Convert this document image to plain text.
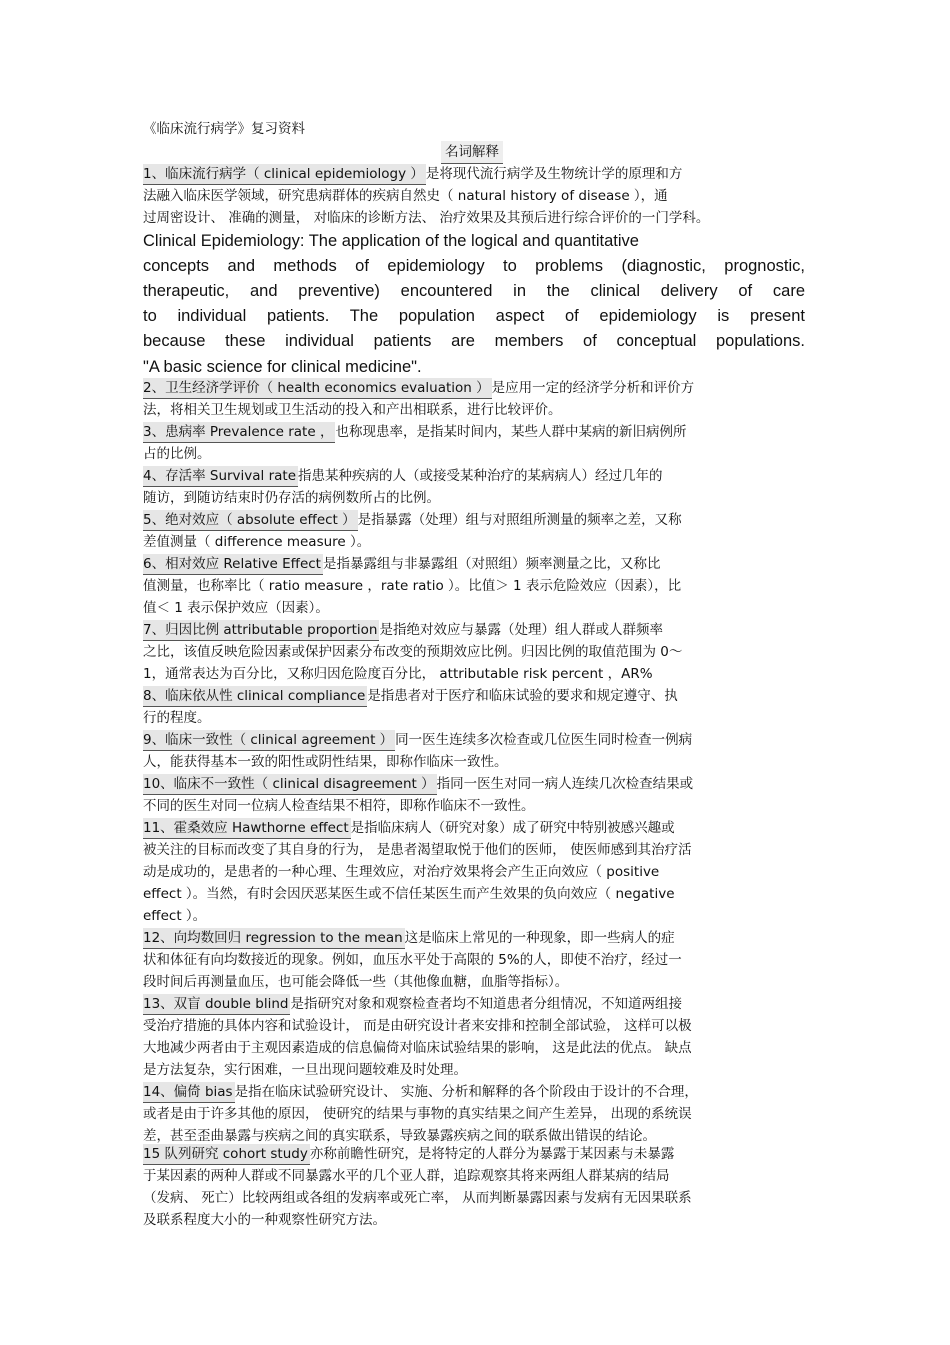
《临床流行病学》复习资料
名词解释
1、临床流行病学（ clinical epidemiology ） 是将现代流行病学及生物统计学的原理和方
法融入临床医学领域，研究患病群体的疾病自然史（ natural history of disease ），通
过周密设计、 准确的测量， 对临床的诊断方法、 治疗效果及其预后进行综合评价的一门学科。
Clinical Epidemiology: The application of the logical and quantitative
concepts and methods of epidemiology to problems (diagnostic, prognostic,
therapeutic, and preventive) encountered in the clinical delivery of care
to individual patients. The population aspect of epidemiology is present
because these individual patients are members of conceptual populations.
"A basic science for clinical medicine".
2、卫生经济学评价（ health economics evaluation ） 是应用一定的经济学分析和评价方
法，将相关卫生规划或卫生活动的投入和产出相联系，进行比较评价。
3、患病率 Prevalence rate ， 也称现患率，是指某时间内，某些人群中某病的新旧病例所
占的比例。
4、存活率 Survival rate指患某种疾病的人（或接受某种治疗的某病病人）经过几年的
随访，到随访结束时仍存活的病例数所占的比例。
5、绝对效应（ absolute effect ） 是指暴露（处理）组与对照组所测量的频率之差，又称
差值测量（ difference measure ）。
6、相对效应 Relative Effect是指暴露组与非暴露组（对照组）频率测量之比，又称比
值测量，也称率比（ ratio measure ，rate ratio ）。比值＞ 1 表示危险效应（因素），比
值＜ 1 表示保护效应（因素）。
7、归因比例 attributable proportion是指绝对效应与暴露（处理）组人群或人群频率
之比，该值反映危险因素或保护因素分布改变的预期效应比例。归因比例的取值范围为 0～
1，通常表达为百分比，又称归因危险度百分比， attributable risk percent ，AR%
8、临床依从性 clinical compliance是指患者对于医疗和临床试验的要求和规定遵守、执
行的程度。
9、临床一致性（ clinical agreement ） 同一医生连续多次检查或几位医生同时检查一例病
人，能获得基本一致的阳性或阴性结果，即称作临床一致性。
10、临床不一致性（ clinical disagreement ） 指同一医生对同一病人连续几次检查结果或
不同的医生对同一位病人检查结果不相符，即称作临床不一致性。
11、霍桑效应 Hawthorne effect是指临床病人（研究对象）成了研究中特别被感兴趣或
被关注的目标而改变了其自身的行为， 是患者渴望取悦于他们的医师， 使医师感到其治疗活
动是成功的，是患者的一种心理、生理效应，对治疗效果将会产生正向效应（ positive
effect ）。当然，有时会因厌恶某医生或不信任某医生而产生效果的负向效应（ negative
effect ）。
12、向均数回归 regression to the mean这是临床上常见的一种现象，即一些病人的症
状和体征有向均数接近的现象。例如，血压水平处于高限的 5%的人，即使不治疗，经过一
段时间后再测量血压，也可能会降低一些（其他像血糖，血脂等指标）。
13、双盲 double blind是指研究对象和观察检查者均不知道患者分组情况，不知道两组接
受治疗措施的具体内容和试验设计， 而是由研究设计者来安排和控制全部试验， 这样可以极
大地减少两者由于主观因素造成的信息偏倚对临床试验结果的影响， 这是此法的优点。 缺点
是方法复杂，实行困难，一旦出现问题较难及时处理。
14、偏倚 bias是指在临床试验研究设计、 实施、分析和解释的各个阶段由于设计的不合理，
或者是由于许多其他的原因， 使研究的结果与事物的真实结果之间产生差异， 出现的系统误
差，甚至歪曲暴露与疾病之间的真实联系，导致暴露疾病之间的联系做出错误的结论。
15 队列研究 cohort study亦称前瞻性研究，是将特定的人群分为暴露于某因素与未暴露
于某因素的两种人群或不同暴露水平的几个亚人群，追踪观察其将来两组人群某病的结局
（发病、 死亡）比较两组或各组的发病率或死亡率， 从而判断暴露因素与发病有无因果联系
及联系程度大小的一种观察性研究方法。
